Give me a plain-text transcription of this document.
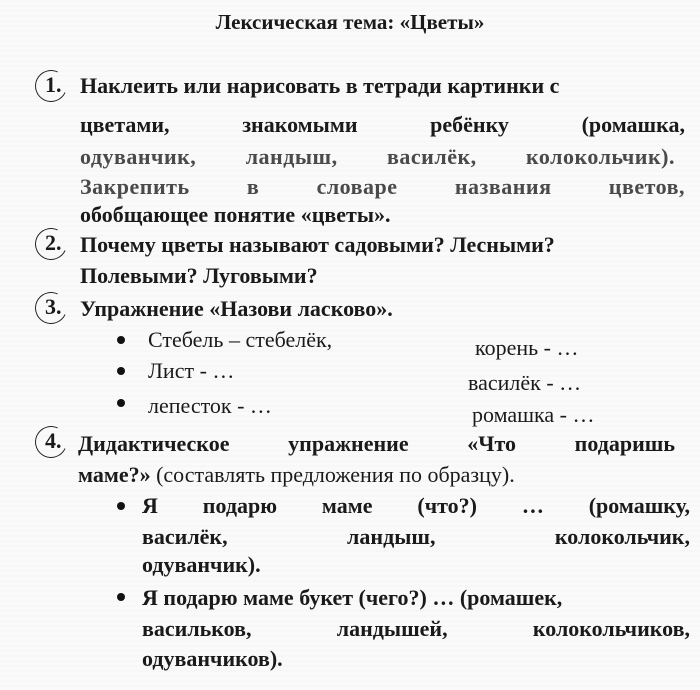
Лексическая тема: «Цветы»
1. Наклеить или нарисовать в тетради картинки с
цветами,	знакомыми	ребёнку	(ромашка,
одуванчик, ландыш, василёк, колокольчик).
Закрепить	в	словаре	названия	цветов,
обобщающее понятие «цветы».
2. Почему цветы называют садовыми? Лесными?
Полевыми? Луговыми?
3. Упражнение «Назови ласково».
Стебель – стебелёк,	корень - …
Лист - …	василёк - …
лепесток - …	ромашка - …
4. Дидактическое	упражнение	«Что	подаришь
маме?» (составлять предложения по образцу).
Я подарю маме (что?) … (ромашку,
василёк,	ландыш,	колокольчик,
одуванчик).
Я подарю маме букет (чего?) … (ромашек,
васильков,	ландышей,	колокольчиков,
одуванчиков).
